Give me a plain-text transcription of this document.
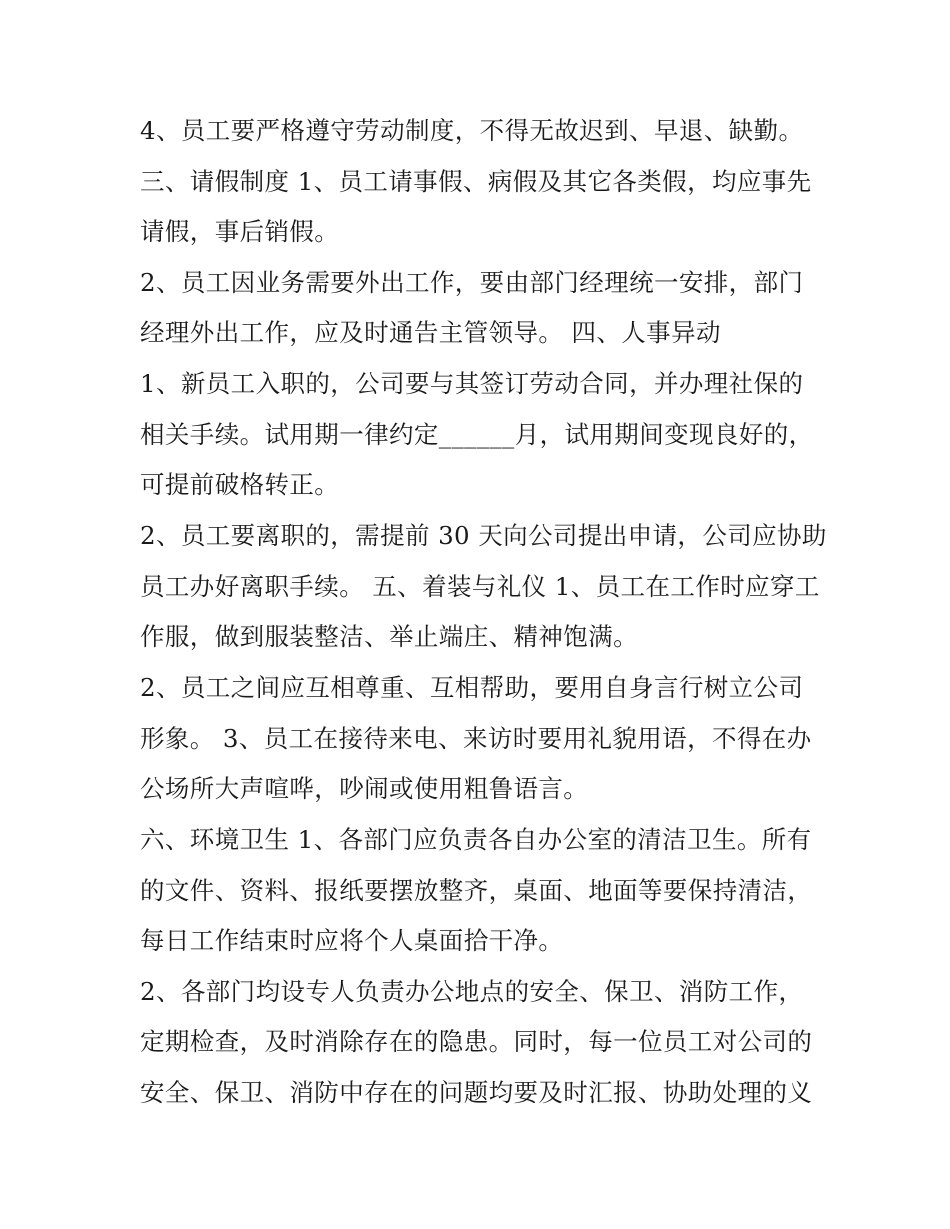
4、员工要严格遵守劳动制度，不得无故迟到、早退、缺勤。
三、请假制度 1、员工请事假、病假及其它各类假，均应事先
请假，事后销假。
2、员工因业务需要外出工作，要由部门经理统一安排，部门
经理外出工作，应及时通告主管领导。 四、人事异动
1、新员工入职的，公司要与其签订劳动合同，并办理社保的
相关手续。试用期一律约定______月，试用期间变现良好的，
可提前破格转正。
2、员工要离职的，需提前 30 天向公司提出申请，公司应协助
员工办好离职手续。 五、着装与礼仪 1、员工在工作时应穿工
作服，做到服装整洁、举止端庄、精神饱满。
2、员工之间应互相尊重、互相帮助，要用自身言行树立公司
形象。 3、员工在接待来电、来访时要用礼貌用语，不得在办
公场所大声喧哗，吵闹或使用粗鲁语言。
六、环境卫生 1、各部门应负责各自办公室的清洁卫生。所有
的文件、资料、报纸要摆放整齐，桌面、地面等要保持清洁，
每日工作结束时应将个人桌面拾干净。
2、各部门均设专人负责办公地点的安全、保卫、消防工作，
定期检查，及时消除存在的隐患。同时，每一位员工对公司的
安全、保卫、消防中存在的问题均要及时汇报、协助处理的义
